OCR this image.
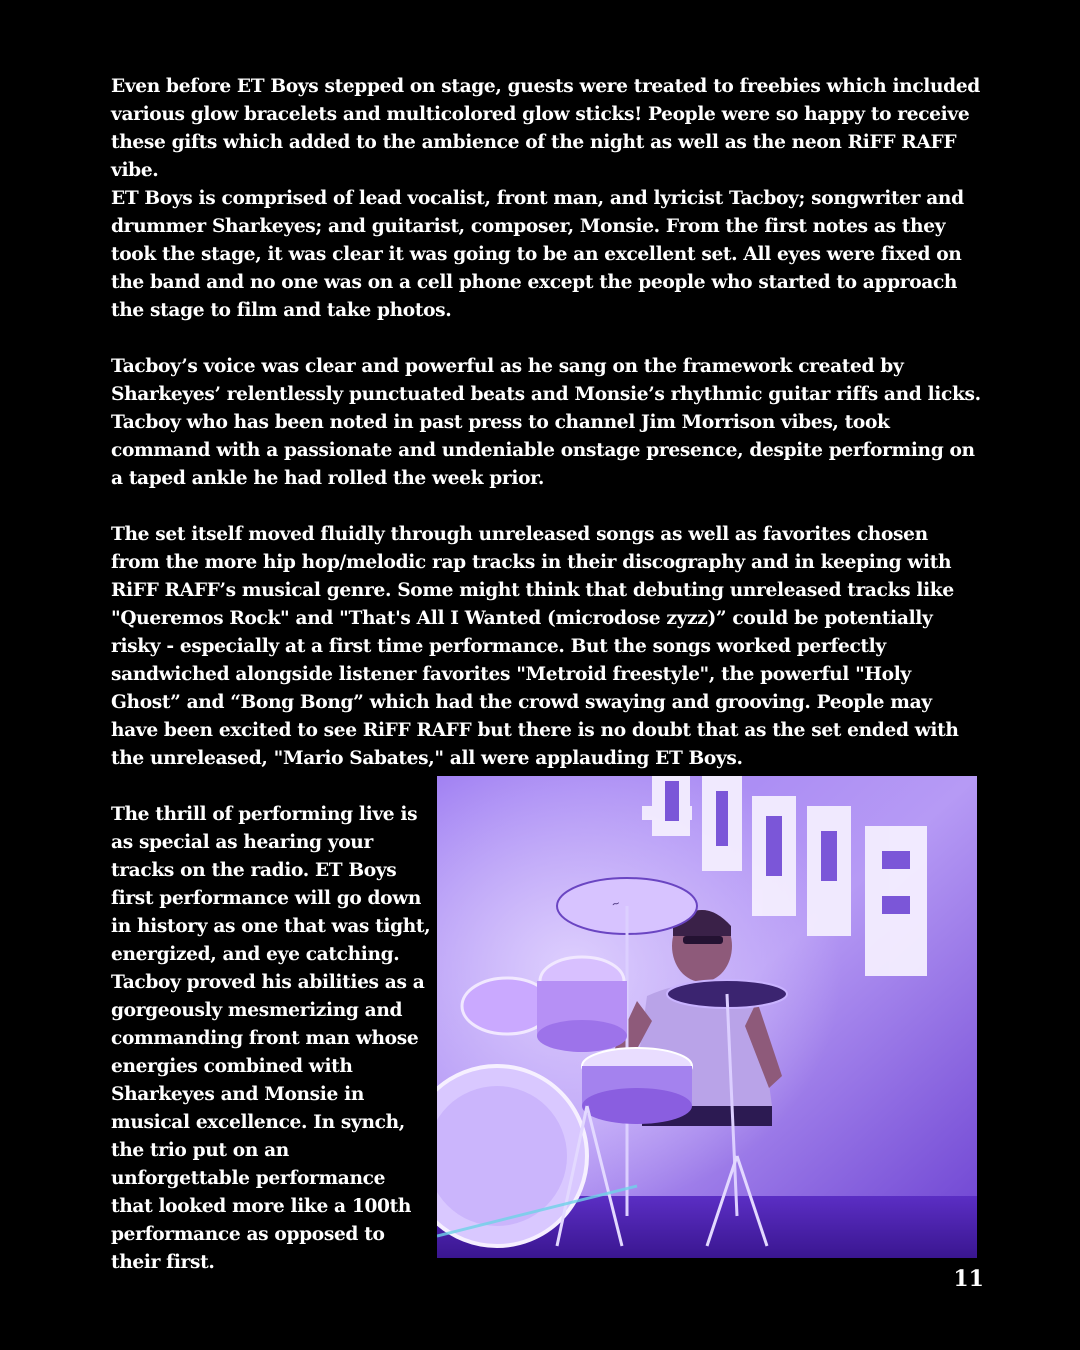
Even before ET Boys stepped on stage, guests were treated to freebies which included various glow bracelets and multicolored glow sticks! People were so happy to receive these gifts which added to the ambience of the night as well as the neon RiFF RAFF vibe.

ET Boys is comprised of lead vocalist, front man, and lyricist Tacboy; songwriter and drummer Sharkeyes; and guitarist, composer, Monsie. From the first notes as they took the stage, it was clear it was going to be an excellent set. All eyes were fixed on the band and no one was on a cell phone except the people who started to approach the stage to film and take photos.

Tacboy’s voice was clear and powerful as he sang on the framework created by Sharkeyes’ relentlessly punctuated beats and Monsie’s rhythmic guitar riffs and licks. Tacboy who has been noted in past press to channel Jim Morrison vibes, took command with a passionate and undeniable onstage presence, despite performing on a taped ankle he had rolled the week prior.

The set itself moved fluidly through unreleased songs as well as favorites chosen from the more hip hop/melodic rap tracks in their discography and in keeping with RiFF RAFF’s musical genre. Some might think that debuting unreleased tracks like "Queremos Rock" and "That's All I Wanted (microdose zyzz)” could be potentially risky - especially at a first time performance. But the songs worked perfectly sandwiched alongside listener favorites "Metroid freestyle", the powerful "Holy Ghost” and “Bong Bong” which had the crowd swaying and grooving. People may have been excited to see RiFF RAFF but there is no doubt that as the set ended with the unreleased, "Mario Sabates," all were applauding ET Boys.

The thrill of performing live is as special as hearing your tracks on the radio. ET Boys first performance will go down in history as one that was tight, energized, and eye catching. Tacboy proved his abilities as a gorgeously mesmerizing and commanding front man whose energies combined with Sharkeyes and Monsie in musical excellence. In synch, the trio put on an unforgettable performance that looked more like a 100th performance as opposed to their first.

~
11
